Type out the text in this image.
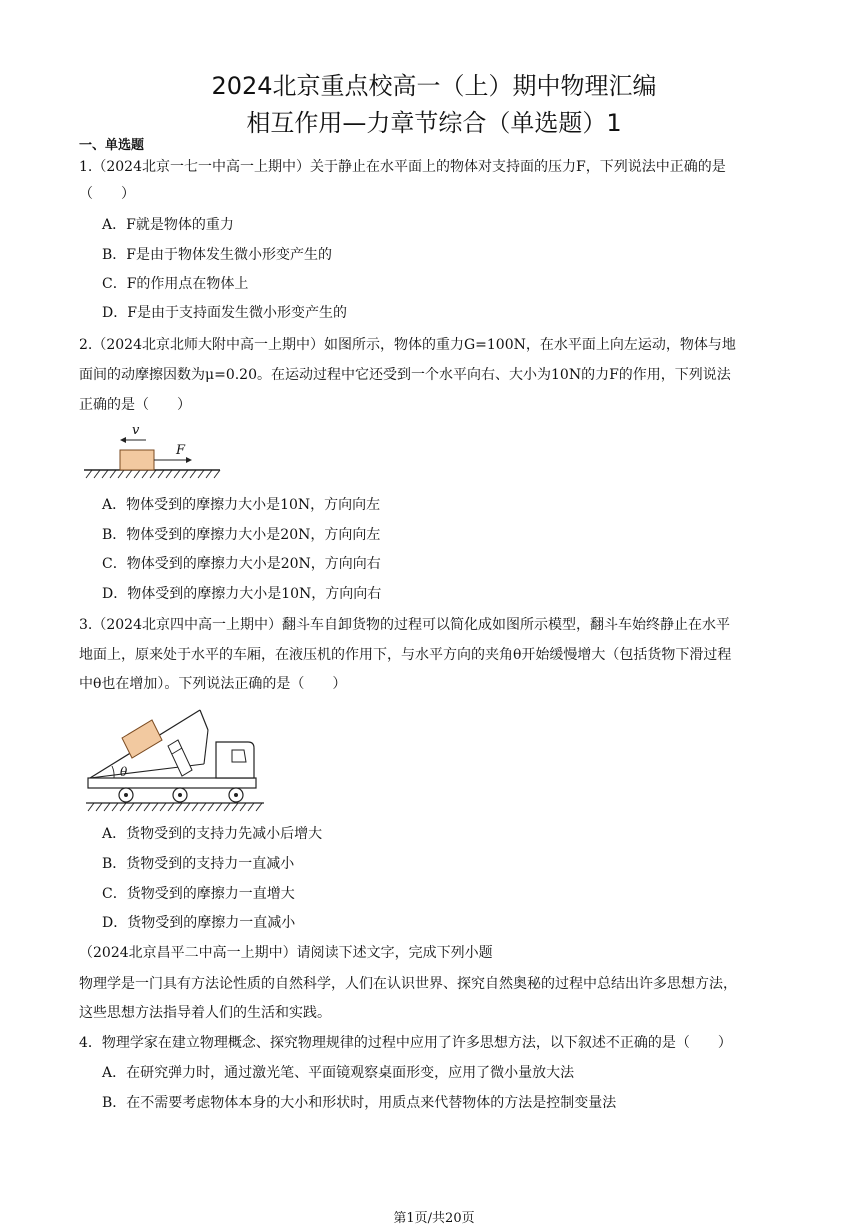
2024北京重点校高一（上）期中物理汇编
相互作用—力章节综合（单选题）1
一、单选题
1.（2024北京一七一中高一上期中）关于静止在水平面上的物体对支持面的压力F，下列说法中正确的是
（　　）
A．F就是物体的重力
B．F是由于物体发生微小形变产生的
C．F的作用点在物体上
D．F是由于支持面发生微小形变产生的
2.（2024北京北师大附中高一上期中）如图所示，物体的重力G=100N，在水平面上向左运动，物体与地
面间的动摩擦因数为μ=0.20。在运动过程中它还受到一个水平向右、大小为10N的力F的作用，下列说法
正确的是（　　）
v
F
A．物体受到的摩擦力大小是10N，方向向左
B．物体受到的摩擦力大小是20N，方向向左
C．物体受到的摩擦力大小是20N，方向向右
D．物体受到的摩擦力大小是10N，方向向右
3.（2024北京四中高一上期中）翻斗车自卸货物的过程可以简化成如图所示模型，翻斗车始终静止在水平
地面上，原来处于水平的车厢，在液压机的作用下，与水平方向的夹角θ开始缓慢增大（包括货物下滑过程
中θ也在增加）。下列说法正确的是（　　）
θ
A．货物受到的支持力先减小后增大
B．货物受到的支持力一直减小
C．货物受到的摩擦力一直增大
D．货物受到的摩擦力一直减小
（2024北京昌平二中高一上期中）请阅读下述文字，完成下列小题
物理学是一门具有方法论性质的自然科学，人们在认识世界、探究自然奥秘的过程中总结出许多思想方法，
这些思想方法指导着人们的生活和实践。
4．物理学家在建立物理概念、探究物理规律的过程中应用了许多思想方法，以下叙述不正确的是（　　）
A．在研究弹力时，通过激光笔、平面镜观察桌面形变，应用了微小量放大法
B．在不需要考虑物体本身的大小和形状时，用质点来代替物体的方法是控制变量法
第1页/共20页
